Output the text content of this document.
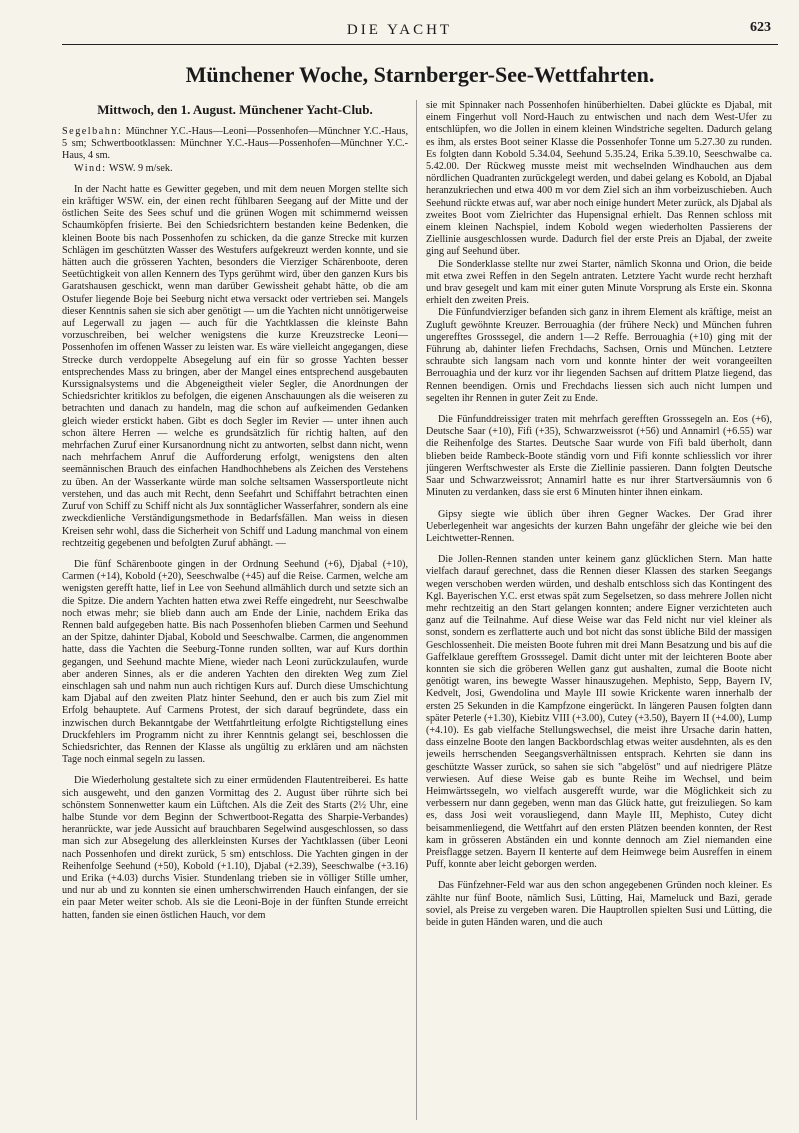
DIE YACHT	623
Münchener Woche, Starnberger-See-Wettfahrten.
Mittwoch, den 1. August. Münchener Yacht-Club.

Segelbahn: Münchner Y.C.-Haus—Leoni—Possenhofen—Münchner Y.C.-Haus, 5 sm; Schwertbootklassen: Münchner Y.C.-Haus—Possenhofen—Münchner Y.C.-Haus, 4 sm.

Wind: WSW. 9 m/sek.

In der Nacht hatte es Gewitter gegeben, und mit dem neuen Morgen stellte sich ein kräftiger WSW. ein, der einen recht fühlbaren Seegang auf der Mitte und der östlichen Seite des Sees schuf und die grünen Wogen mit schimmernd weissen Schaumköpfen frisierte. Bei den Schiedsrichtern bestanden keine Bedenken, die kleinen Boote bis nach Possenhofen zu schicken, da die ganze Strecke mit kurzen Schlägen im geschützten Wasser des Westufers aufgekreuzt werden konnte, und sie hätten auch die grösseren Yachten, besonders die Vierziger Schärenboote, deren Seetüchtigkeit von allen Kennern des Typs gerühmt wird, über den ganzen Kurs bis Garatshausen geschickt, wenn man darüber Gewissheit gehabt hätte, ob die am Ostufer liegende Boje bei Seeburg nicht etwa versackt oder vertrieben sei. Mangels dieser Kenntnis sahen sie sich aber genötigt — um die Yachten nicht unnötigerweise auf Legerwall zu jagen — auch für die Yachtklassen die kleinste Bahn vorzuschreiben, bei welcher wenigstens die kurze Kreuzstrecke Leoni—Possenhofen im offenen Wasser zu leisten war. Es wäre vielleicht angegangen, diese Strecke durch verdoppelte Absegelung auf ein für so grosse Yachten besser entsprechendes Mass zu bringen, aber der Mangel eines entsprechend ausgebauten Kurssignalsystems und die Abgeneigtheit vieler Segler, die Anordnungen der Schiedsrichter kritiklos zu befolgen, die eigenen Anschauungen als die weiseren zu betrachten und danach zu handeln, mag die schon auf aufkeimenden Gedanken gleich wieder erstickt haben. Gibt es doch Segler im Revier — unter ihnen auch schon ältere Herren — welche es grundsätzlich für richtig halten, auf den mehrfachen Zuruf einer Kursanordnung nicht zu antworten, selbst dann nicht, wenn nach mehrfachem Anruf die Aufforderung erfolgt, wenigstens den alten seemännischen Brauch des einfachen Handhochhebens als Zeichen des Verstehens zu üben. An der Wasserkante würde man solche seltsamen Wassersportleute nicht verstehen, und das auch mit Recht, denn Seefahrt und Schiffahrt betrachten einen Zuruf von Schiff zu Schiff nicht als Jux sonntäglicher Wasserfahrer, sondern als eine zweckdienliche Verständigungsmethode in Bedarfsfällen. Man weiss in diesen Kreisen sehr wohl, dass die Sicherheit von Schiff und Ladung manchmal von einem rechtzeitig gegebenen und befolgten Zuruf abhängt. —

Die fünf Schärenboote gingen in der Ordnung Seehund (+6), Djabal (+10), Carmen (+14), Kobold (+20), Seeschwalbe (+45) auf die Reise. Carmen, welche am wenigsten gerefft hatte, lief in Lee von Seehund allmählich durch und setzte sich an die Spitze. Die andern Yachten hatten etwa zwei Reffe eingedreht, nur Seeschwalbe noch etwas mehr; sie blieb dann auch am Ende der Linie, nachdem Erika das Rennen bald aufgegeben hatte. Bis nach Possenhofen blieben Carmen und Seehund an der Spitze, dahinter Djabal, Kobold und Seeschwalbe. Carmen, die angenommen hatte, dass die Yachten die Seeburg-Tonne runden sollten, war auf Kurs dorthin gegangen, und Seehund machte Miene, wieder nach Leoni zurückzulaufen, wurde aber anderen Sinnes, als er die anderen Yachten den direkten Weg zum Ziel einschlagen sah und nahm nun auch richtigen Kurs auf. Durch diese Umschichtung kam Djabal auf den zweiten Platz hinter Seehund, den er auch bis zum Ziel mit Erfolg behauptete. Auf Carmens Protest, der sich darauf begründete, dass ein inzwischen durch Bekanntgabe der Wettfahrtleitung erfolgte Richtigstellung eines Druckfehlers im Programm nicht zu ihrer Kenntnis gelangt sei, beschlossen die Schiedsrichter, das Rennen der Klasse als ungültig zu erklären und am nächsten Tage noch einmal segeln zu lassen.

Die Wiederholung gestaltete sich zu einer ermüdenden Flautentreiberei. Es hatte sich ausgeweht, und den ganzen Vormittag des 2. August über rührte sich bei schönstem Sonnenwetter kaum ein Lüftchen. Als die Zeit des Starts (2½ Uhr, eine halbe Stunde vor dem Beginn der Schwertboot-Regatta des Sharpie-Verbandes) heranrückte, war jede Aussicht auf brauchbaren Segelwind ausgeschlossen, so dass man sich zur Absegelung des allerkleinsten Kurses der Yachtklassen (über Leoni nach Possenhofen und direkt zurück, 5 sm) entschloss. Die Yachten gingen in der Reihenfolge Seehund (+50), Kobold (+1.10), Djabal (+2.39), Seeschwalbe (+3.16) und Erika (+4.03) durchs Visier. Stundenlang trieben sie in völliger Stille umher, und nur ab und zu konnten sie einen umherschwirrenden Hauch einfangen, der sie ein paar Meter weiter schob. Als sie die Leoni-Boje in der fünften Stunde erreicht hatten, fanden sie einen östlichen Hauch, vor dem

sie mit Spinnaker nach Possenhofen hinüberhielten. Dabei glückte es Djabal, mit einem Fingerhut voll Nord-Hauch zu entwischen und nach dem West-Ufer zu entschlüpfen, wo die Jollen in einem kleinen Windstriche segelten. Dadurch gelang es ihm, als erstes Boot seiner Klasse die Possenhofer Tonne um 5.27.30 zu runden. Es folgten dann Kobold 5.34.04, Seehund 5.35.24, Erika 5.39.10, Seeschwalbe ca. 5.42.00. Der Rückweg musste meist mit wechselnden Windhauchen aus dem nördlichen Quadranten zurückgelegt werden, und dabei gelang es Kobold, an Djabal heranzukriechen und etwa 400 m vor dem Ziel sich an ihm vorbeizuschieben. Auch Seehund rückte etwas auf, war aber noch einige hundert Meter zurück, als Djabal als zweites Boot vom Zielrichter das Hupensignal erhielt. Das Rennen schloss mit einem kleinen Nachspiel, indem Kobold wegen wiederholten Passierens der Ziellinie ausgeschlossen wurde. Dadurch fiel der erste Preis an Djabal, der zweite ging auf Seehund über.

Die Sonderklasse stellte nur zwei Starter, nämlich Skonna und Orion, die beide mit etwa zwei Reffen in den Segeln antraten. Letztere Yacht wurde recht herzhaft und brav gesegelt und kam mit einer guten Minute Vorsprung als Erste ein. Skonna erhielt den zweiten Preis.

Die Fünfundvierziger befanden sich ganz in ihrem Element als kräftige, meist an Zugluft gewöhnte Kreuzer. Berrouaghia (der frühere Neck) und München fuhren ungerefftes Grosssegel, die andern 1—2 Reffe. Berrouaghia (+10) ging mit der Führung ab, dahinter liefen Frechdachs, Sachsen, Ornis und München. Letztere schraubte sich langsam nach vorn und konnte hinter der weit vorangeeilten Berrouaghia und der kurz vor ihr liegenden Sachsen auf drittem Platze liegend, das Rennen beendigen. Ornis und Frechdachs liessen sich auch nicht lumpen und segelten ihr Rennen in guter Zeit zu Ende.

Die Fünfunddreissiger traten mit mehrfach gerefften Grosssegeln an. Eos (+6), Deutsche Saar (+10), Fifi (+35), Schwarzweissrot (+56) und Annamirl (+6.55) war die Reihenfolge des Startes. Deutsche Saar wurde von Fifi bald überholt, dann blieben beide Rambeck-Boote ständig vorn und Fifi konnte schliesslich vor ihrer jüngeren Werftschwester als Erste die Ziellinie passieren. Dann folgten Deutsche Saar und Schwarzweissrot; Annamirl hatte es nur ihrer Startversäumnis von 6 Minuten zu verdanken, dass sie erst 6 Minuten hinter ihnen einkam.

Gipsy siegte wie üblich über ihren Gegner Wackes. Der Grad ihrer Ueberlegenheit war angesichts der kurzen Bahn ungefähr der gleiche wie bei den Leichtwetter-Rennen.

Die Jollen-Rennen standen unter keinem ganz glücklichen Stern. Man hatte vielfach darauf gerechnet, dass die Rennen dieser Klassen des starken Seegangs wegen verschoben werden würden, und deshalb entschloss sich das Kontingent des Kgl. Bayerischen Y.C. erst etwas spät zum Segelsetzen, so dass mehrere Jollen nicht mehr rechtzeitig an den Start gelangen konnten; andere Eigner verzichteten auch ganz auf die Teilnahme. Auf diese Weise war das Feld nicht nur viel kleiner als sonst, sondern es zerflatterte auch und bot nicht das sonst übliche Bild der massigen Geschlossenheit. Die meisten Boote fuhren mit drei Mann Besatzung und bis auf die Gaffelklaue gerefftem Grosssegel. Damit dicht unter mit der leichteren Boote aber konnten sie sich die gröberen Wellen ganz gut aushalten, zumal die Boote nicht genötigt waren, ins bewegte Wasser hinauszugehen. Mephisto, Sepp, Bayern IV, Kedvelt, Josi, Gwendolina und Mayle III sowie Krickente waren innerhalb der ersten 25 Sekunden in die Kampfzone eingerückt. In längeren Pausen folgten dann später Peterle (+1.30), Kiebitz VIII (+3.00), Cutey (+3.50), Bayern II (+4.00), Lump (+4.10). Es gab vielfache Stellungswechsel, die meist ihre Ursache darin hatten, dass einzelne Boote den langen Backbordschlag etwas weiter ausdehnten, als es den jeweils herrschenden Seegangsverhältnissen entsprach. Kehrten sie dann ins geschützte Wasser zurück, so sahen sie sich "abgelöst" und auf niedrigere Plätze verwiesen. Auf diese Weise gab es bunte Reihe im Wechsel, und beim Heimwärtssegeln, wo vielfach ausgerefft wurde, war die Möglichkeit sich zu verbessern nur dann gegeben, wenn man das Glück hatte, gut freizuliegen. So kam es, dass Josi weit vorausliegend, dann Mayle III, Mephisto, Cutey dicht beisammenliegend, die Wettfahrt auf den ersten Plätzen beenden konnten, der Rest kam in grösseren Abständen ein und konnte dennoch am Ziel niemanden eine Preisflagge setzen. Bayern II kenterte auf dem Heimwege beim Ausreffen in einem Puff, konnte aber leicht geborgen werden.

Das Fünfzehner-Feld war aus den schon angegebenen Gründen noch kleiner. Es zählte nur fünf Boote, nämlich Susi, Lütting, Hai, Mameluck und Bazi, gerade soviel, als Preise zu vergeben waren. Die Hauptrollen spielten Susi und Lütting, die beide in guten Händen waren, und die auch
